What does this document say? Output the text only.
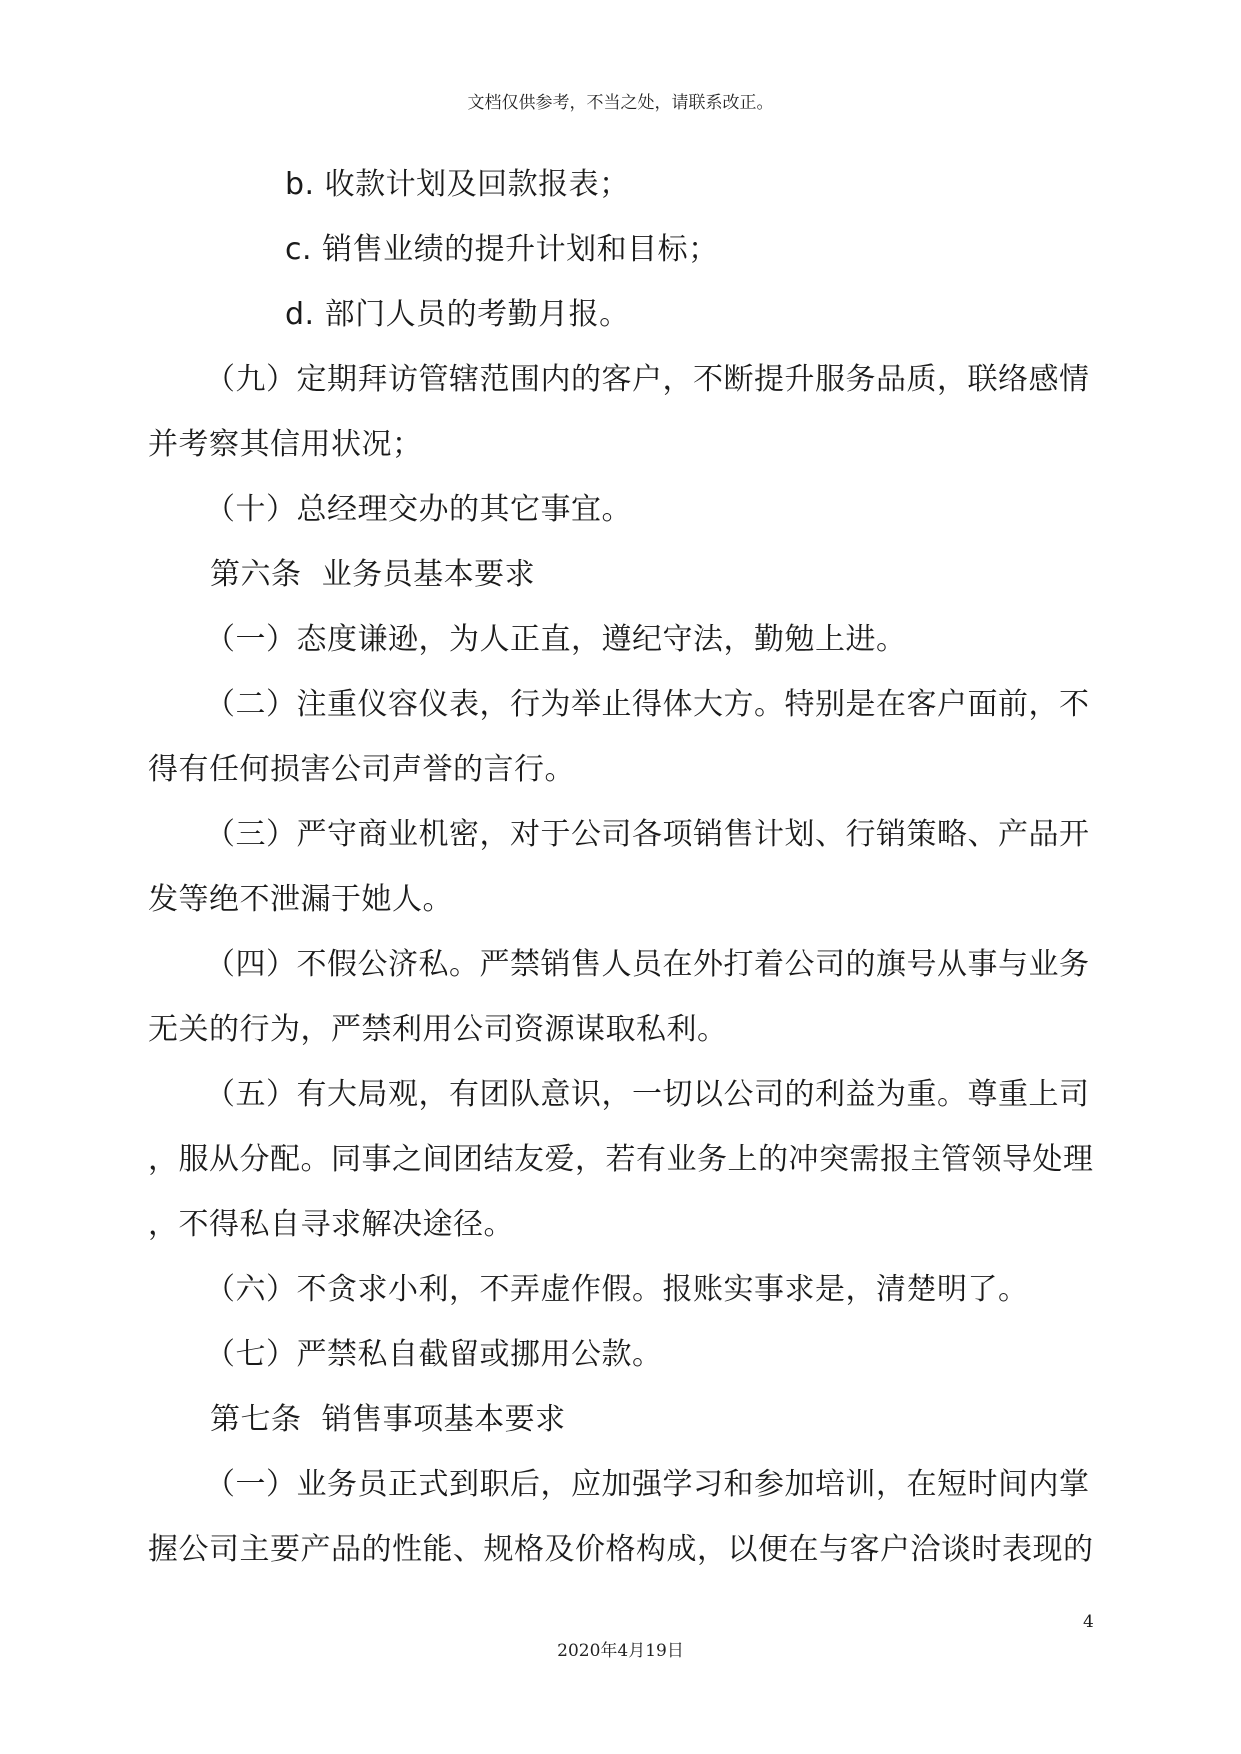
文档仅供参考，不当之处，请联系改正。
b. 收款计划及回款报表；
c. 销售业绩的提升计划和目标；
d. 部门人员的考勤月报。
（九）定期拜访管辖范围内的客户，不断提升服务品质，联络感情
并考察其信用状况；
（十）总经理交办的其它事宜。
第六条  业务员基本要求
（一）态度谦逊，为人正直，遵纪守法，勤勉上进。
（二）注重仪容仪表，行为举止得体大方。特别是在客户面前，不
得有任何损害公司声誉的言行。
（三）严守商业机密，对于公司各项销售计划、行销策略、产品开
发等绝不泄漏于她人。
（四）不假公济私。严禁销售人员在外打着公司的旗号从事与业务
无关的行为，严禁利用公司资源谋取私利。
（五）有大局观，有团队意识，一切以公司的利益为重。尊重上司
，服从分配。同事之间团结友爱，若有业务上的冲突需报主管领导处理
，不得私自寻求解决途径。
（六）不贪求小利，不弄虚作假。报账实事求是，清楚明了。
（七）严禁私自截留或挪用公款。
第七条  销售事项基本要求
（一）业务员正式到职后，应加强学习和参加培训，在短时间内掌
握公司主要产品的性能、规格及价格构成，以便在与客户洽谈时表现的
4
2020年4月19日
